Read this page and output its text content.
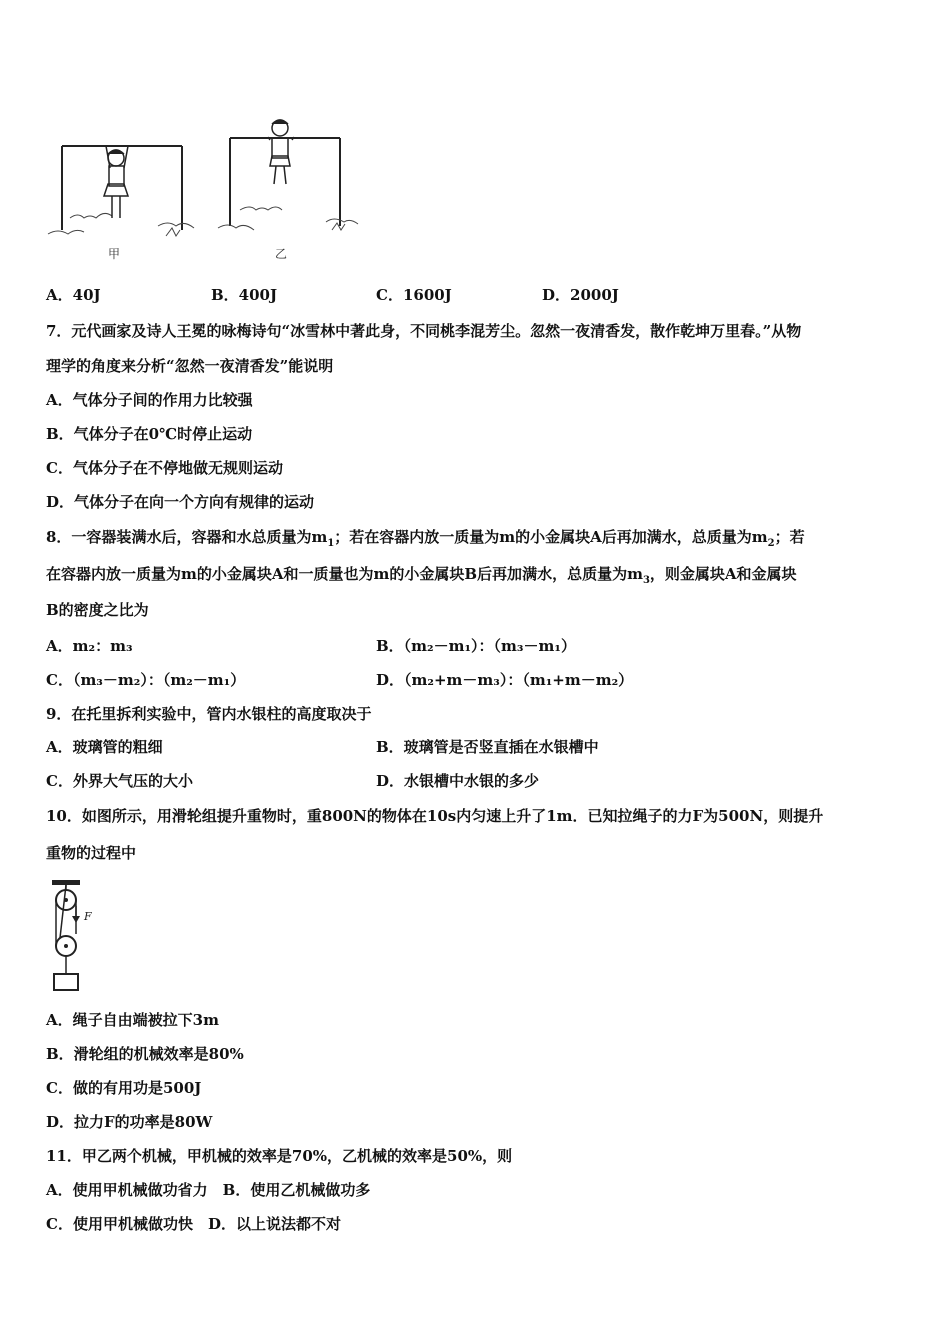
甲	乙
A．40J	B．400J	C．1600J	D．2000J
7．元代画家及诗人王冕的咏梅诗句“冰雪林中著此身，不同桃李混芳尘。忽然一夜清香发，散作乾坤万里春。”从物
理学的角度来分析“忽然一夜清香发”能说明
A．气体分子间的作用力比较强
B．气体分子在0℃时停止运动
C．气体分子在不停地做无规则运动
D．气体分子在向一个方向有规律的运动
8．一容器装满水后，容器和水总质量为$m_1$；若在容器内放一质量为m的小金属块A后再加满水，总质量为$m_2$；若
在容器内放一质量为m的小金属块A和一质量也为m的小金属块B后再加满水，总质量为$m_3$，则金属块A和金属块
B的密度之比为
A．m₂：m₃	B．（m₂－m₁）：（m₃－m₁）
C．（m₃－m₂）：（m₂－m₁）	D．（m₂+m－m₃）：（m₁+m－m₂）
9．在托里拆利实验中，管内水银柱的高度取决于
A．玻璃管的粗细	B．玻璃管是否竖直插在水银槽中
C．外界大气压的大小	D．水银槽中水银的多少
10．如图所示，用滑轮组提升重物时，重800N的物体在10s内匀速上升了1m．已知拉绳子的力F为500N，则提升
重物的过程中
F
A．绳子自由端被拉下3m
B．滑轮组的机械效率是80%
C．做的有用功是500J
D．拉力F的功率是80W
11．甲乙两个机械，甲机械的效率是70%，乙机械的效率是50%，则
A．使用甲机械做功省力　B．使用乙机械做功多
C．使用甲机械做功快　D．以上说法都不对
